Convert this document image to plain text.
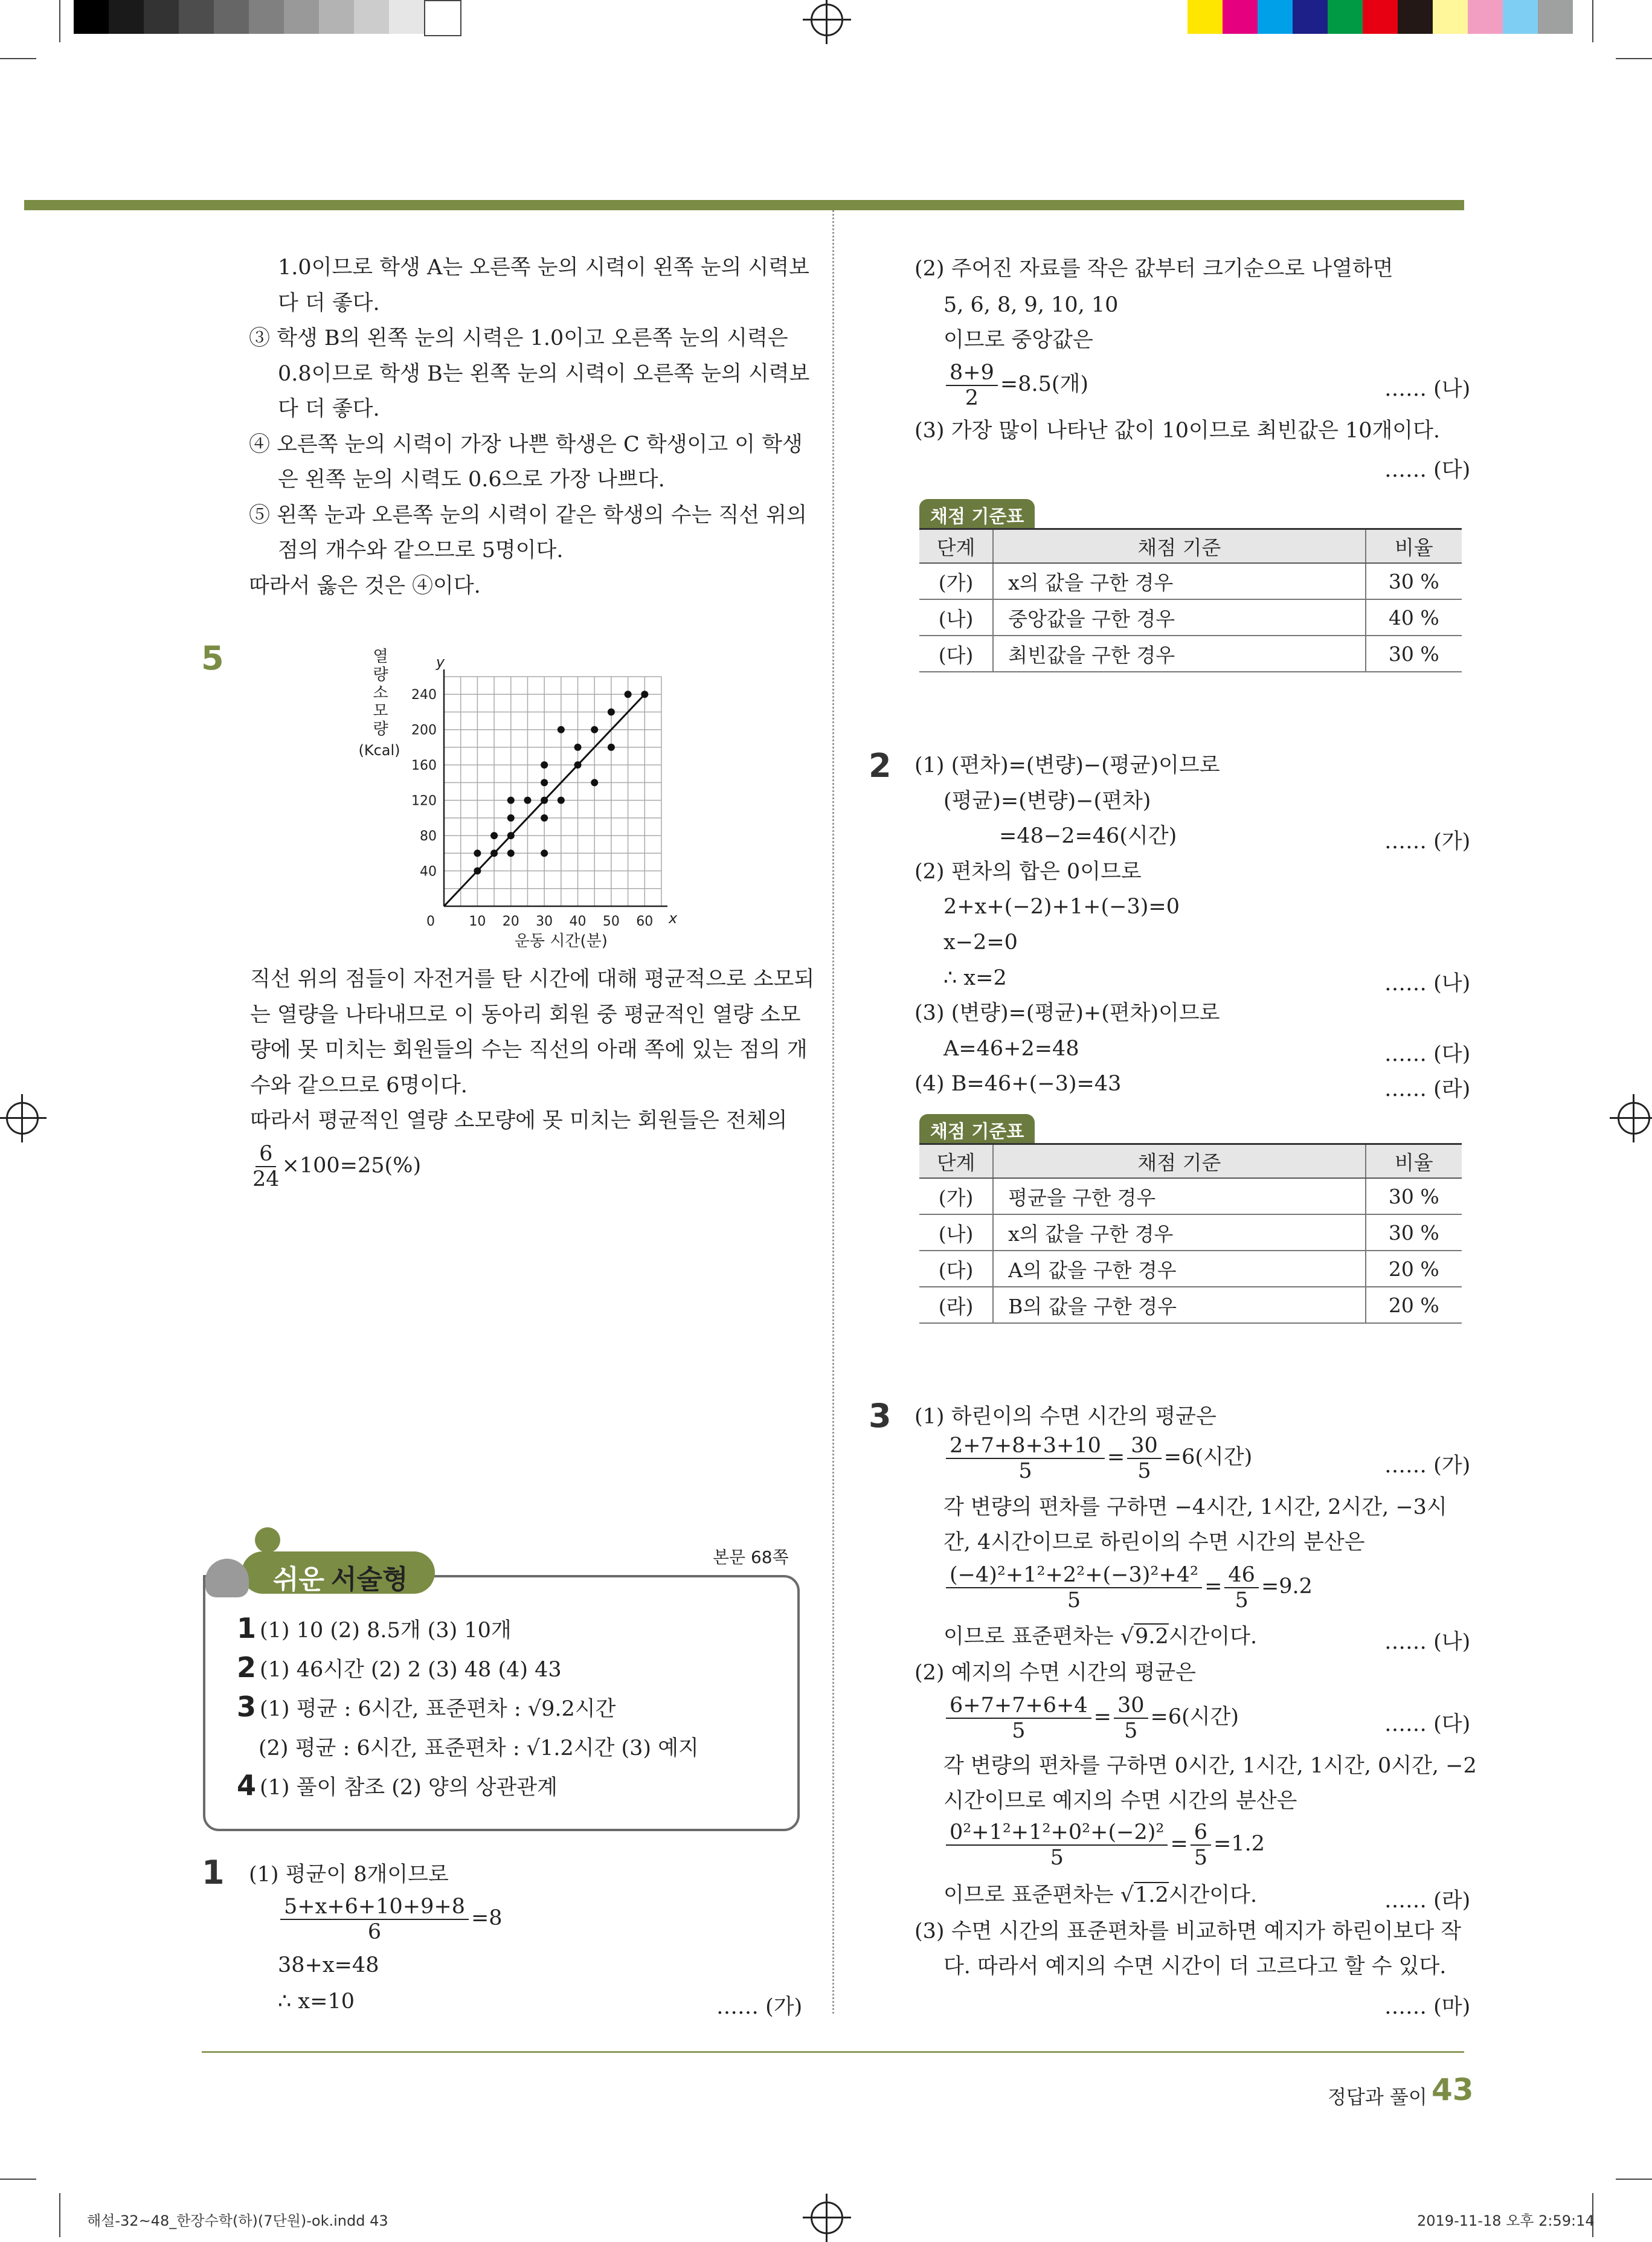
1.0이므로 학생 A는 오른쪽 눈의 시력이 왼쪽 눈의 시력보
다 더 좋다.
③ 학생 B의 왼쪽 눈의 시력은 1.0이고 오른쪽 눈의 시력은
0.8이므로 학생 B는 왼쪽 눈의 시력이 오른쪽 눈의 시력보
다 더 좋다.
④ 오른쪽 눈의 시력이 가장 나쁜 학생은 C 학생이고 이 학생
은 왼쪽 눈의 시력도 0.6으로 가장 나쁘다.
⑤ 왼쪽 눈과 오른쪽 눈의 시력이 같은 학생의 수는 직선 위의
점의 개수와 같으므로 5명이다.
따라서 옳은 것은 ④이다.
5
10 20 30 40 50 60
40
80
120
160
200
240
0	x
y
운동 시간(분)
열
량
소
모
량
(Kcal)
직선 위의 점들이 자전거를 탄 시간에 대해 평균적으로 소모되
는 열량을 나타내므로 이 동아리 회원 중 평균적인 열량 소모
량에 못 미치는 회원들의 수는 직선의 아래 쪽에 있는 점의 개
수와 같으므로 6명이다.
따라서 평균적인 열량 소모량에 못 미치는 회원들은 전체의
$\frac{6}{24} \times 100=25(\%)$
쉬운 서술형
본문 68쪽
1 (1) 10 (2) 8.5개 (3) 10개
2 (1) 46시간 (2) 2 (3) 48 (4) 43
3 (1) 평균 : 6시간, 표준편차 : √9.2시간
(2) 평균 : 6시간, 표준편차 : √1.2시간 (3) 예지
4 (1) 풀이 참조 (2) 양의 상관관계
1 (1) 평균이 8개이므로
$\frac{5+x+6+10+9+8}{6} =8$
38+x=48
∴ x=10	…… (가)
(2) 주어진 자료를 작은 값부터 크기순으로 나열하면
5, 6, 8, 9, 10, 10
이므로 중앙값은
$\frac{8+9}{2} =8.5$(개)	…… (나)
(3) 가장 많이 나타난 값이 10이므로 최빈값은 10개이다.
…… (다)
채점 기준표
단계	채점 기준	비율
(가)	x의 값을 구한 경우	30 %
(나)	중앙값을 구한 경우	40 %
(다)	최빈값을 구한 경우	30 %
2 (1) (편차)=(변량)−(평균)이므로
(평균)=(변량)−(편차)
=48−2=46(시간)
(2) 편차의 합은 0이므로
2+x+(−2)+1+(−3)=0
x−2=0
∴ x=2
(3) (변량)=(평균)+(편차)이므로
A=46+2=48
(4) B=46+(−3)=43
…… (가)
…… (나)
…… (다)
…… (라)
채점 기준표
단계	채점 기준	비율
(가)	평균을 구한 경우	30 %
(나)	x의 값을 구한 경우	30 %
(다)	A의 값을 구한 경우	20 %
(라)	B의 값을 구한 경우	20 %
3 (1) 하린이의 수면 시간의 평균은
$\frac{2+7+8+3+10}{5} = \frac{30}{5} =6$(시간)	…… (가)
각 변량의 편차를 구하면 −4시간, 1시간, 2시간, −3시
간, 4시간이므로 하린이의 수면 시간의 분산은
$\frac{\text{(−4)²+1²+2²+(−3)²+4²}}{5} = \frac{46}{5} =9.2$
이므로 표준편차는 √9.2시간이다.	…… (나)
(2) 예지의 수면 시간의 평균은
$\frac{6+7+7+6+4}{5} = \frac{30}{5} =6$(시간)	…… (다)
각 변량의 편차를 구하면 0시간, 1시간, 1시간, 0시간, −2
시간이므로 예지의 수면 시간의 분산은
$\frac{\text{0²+1²+1²+0²+(−2)²}}{5} = \frac{6}{5} =1.2$
이므로 표준편차는 √1.2시간이다.	…… (라)
(3) 수면 시간의 표준편차를 비교하면 예지가 하린이보다 작
다. 따라서 예지의 수면 시간이 더 고르다고 할 수 있다.
…… (마)
정답과 풀이 43
해설-32~48_한장수학(하)(7단원)-ok.indd 43	2019-11-18 오후 2:59:14
